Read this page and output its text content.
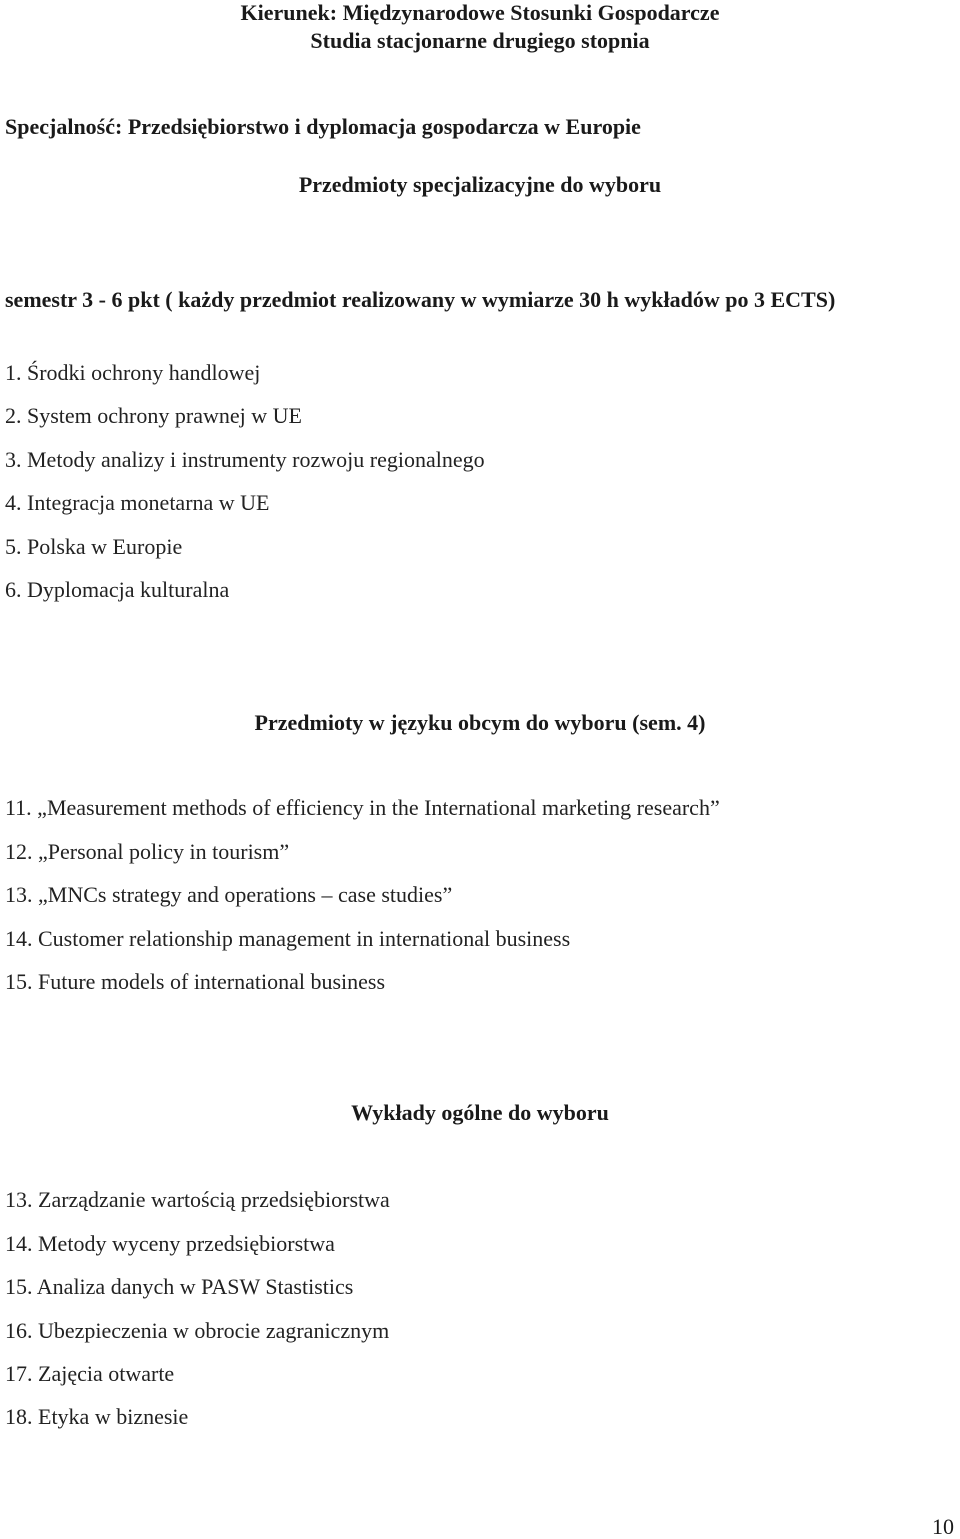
Kierunek: Międzynarodowe Stosunki Gospodarcze
Studia stacjonarne drugiego stopnia
Specjalność: Przedsiębiorstwo i dyplomacja gospodarcza w Europie
Przedmioty specjalizacyjne do wyboru
semestr 3 - 6 pkt ( każdy przedmiot realizowany w wymiarze 30 h wykładów po 3 ECTS)
1. Środki ochrony handlowej
2. System ochrony prawnej w UE
3. Metody analizy i instrumenty rozwoju regionalnego
4. Integracja monetarna w UE
5. Polska w Europie
6. Dyplomacja kulturalna
Przedmioty w języku obcym do wyboru (sem. 4)
11. „Measurement methods of efficiency in the International marketing research”
12. „Personal policy in tourism”
13. „MNCs strategy and operations – case studies”
14. Customer relationship management in international business
15. Future models of international business
Wykłady ogólne do wyboru
13. Zarządzanie wartością przedsiębiorstwa
14. Metody wyceny przedsiębiorstwa
15. Analiza danych w PASW Stastistics
16. Ubezpieczenia w obrocie zagranicznym
17. Zajęcia otwarte
18. Etyka w biznesie
10
